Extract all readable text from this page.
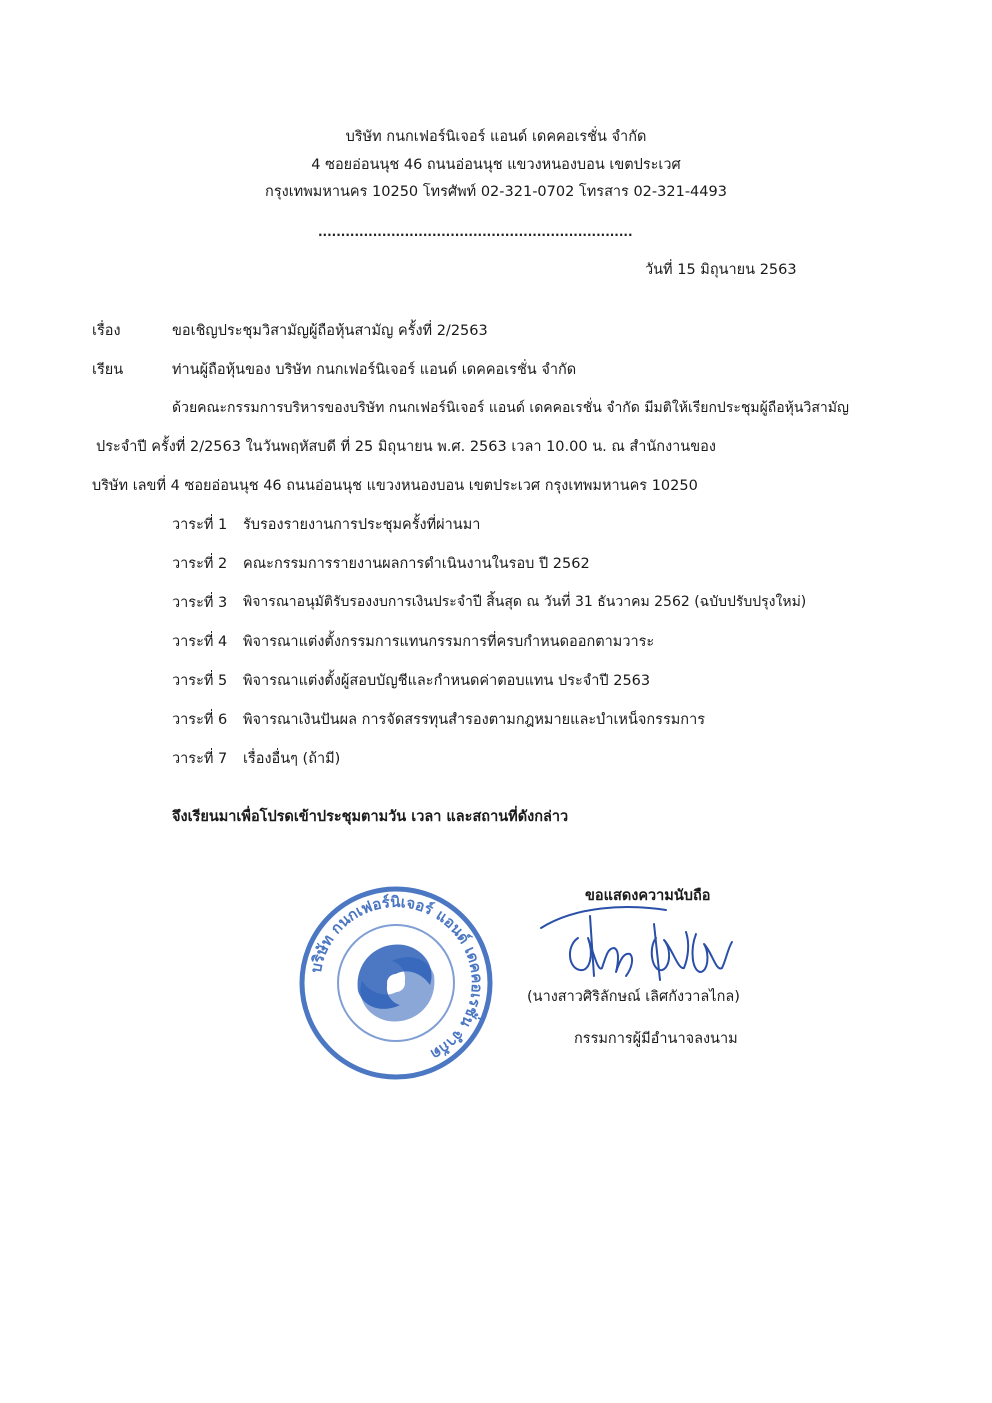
บริษัท กนกเฟอร์นิเจอร์ แอนด์ เดคคอเรชั่น จำกัด
4 ซอยอ่อนนุช 46 ถนนอ่อนนุช แขวงหนองบอน เขตประเวศ
กรุงเทพมหานคร 10250 โทรศัพท์ 02-321-0702 โทรสาร 02-321-4493
.....................................................................
วันที่ 15 มิถุนายน 2563
เรื่อง	ขอเชิญประชุมวิสามัญผู้ถือหุ้นสามัญ ครั้งที่ 2/2563
เรียน	ท่านผู้ถือหุ้นของ บริษัท กนกเฟอร์นิเจอร์ แอนด์ เดคคอเรชั่น จำกัด
ด้วยคณะกรรมการบริหารของบริษัท กนกเฟอร์นิเจอร์ แอนด์ เดคคอเรชั่น จำกัด มีมติให้เรียกประชุมผู้ถือหุ้นวิสามัญ
ประจำปี ครั้งที่ 2/2563 ในวันพฤหัสบดี ที่ 25 มิถุนายน พ.ศ. 2563 เวลา 10.00 น. ณ สำนักงานของ
บริษัท เลขที่ 4 ซอยอ่อนนุช 46 ถนนอ่อนนุช แขวงหนองบอน เขตประเวศ กรุงเทพมหานคร 10250
วาระที่ 1 รับรองรายงานการประชุมครั้งที่ผ่านมา
วาระที่ 2 คณะกรรมการรายงานผลการดำเนินงานในรอบ ปี 2562
วาระที่ 3 พิจารณาอนุมัติรับรองงบการเงินประจำปี สิ้นสุด ณ วันที่ 31 ธันวาคม 2562 (ฉบับปรับปรุงใหม่)
วาระที่ 4 พิจารณาแต่งตั้งกรรมการแทนกรรมการที่ครบกำหนดออกตามวาระ
วาระที่ 5 พิจารณาแต่งตั้งผู้สอบบัญชีและกำหนดค่าตอบแทน ประจำปี 2563
วาระที่ 6 พิจารณาเงินปันผล การจัดสรรทุนสำรองตามกฎหมายและบำเหน็จกรรมการ
วาระที่ 7 เรื่องอื่นๆ (ถ้ามี)
จึงเรียนมาเพื่อโปรดเข้าประชุมตามวัน เวลา และสถานที่ดังกล่าว
บริษัท กนกเฟอร์นิเจอร์ แอนด์ เดคคอเรชั่น จำกัด
ขอแสดงความนับถือ
(นางสาวศิริลักษณ์ เลิศกังวาลไกล)
กรรมการผู้มีอำนาจลงนาม
